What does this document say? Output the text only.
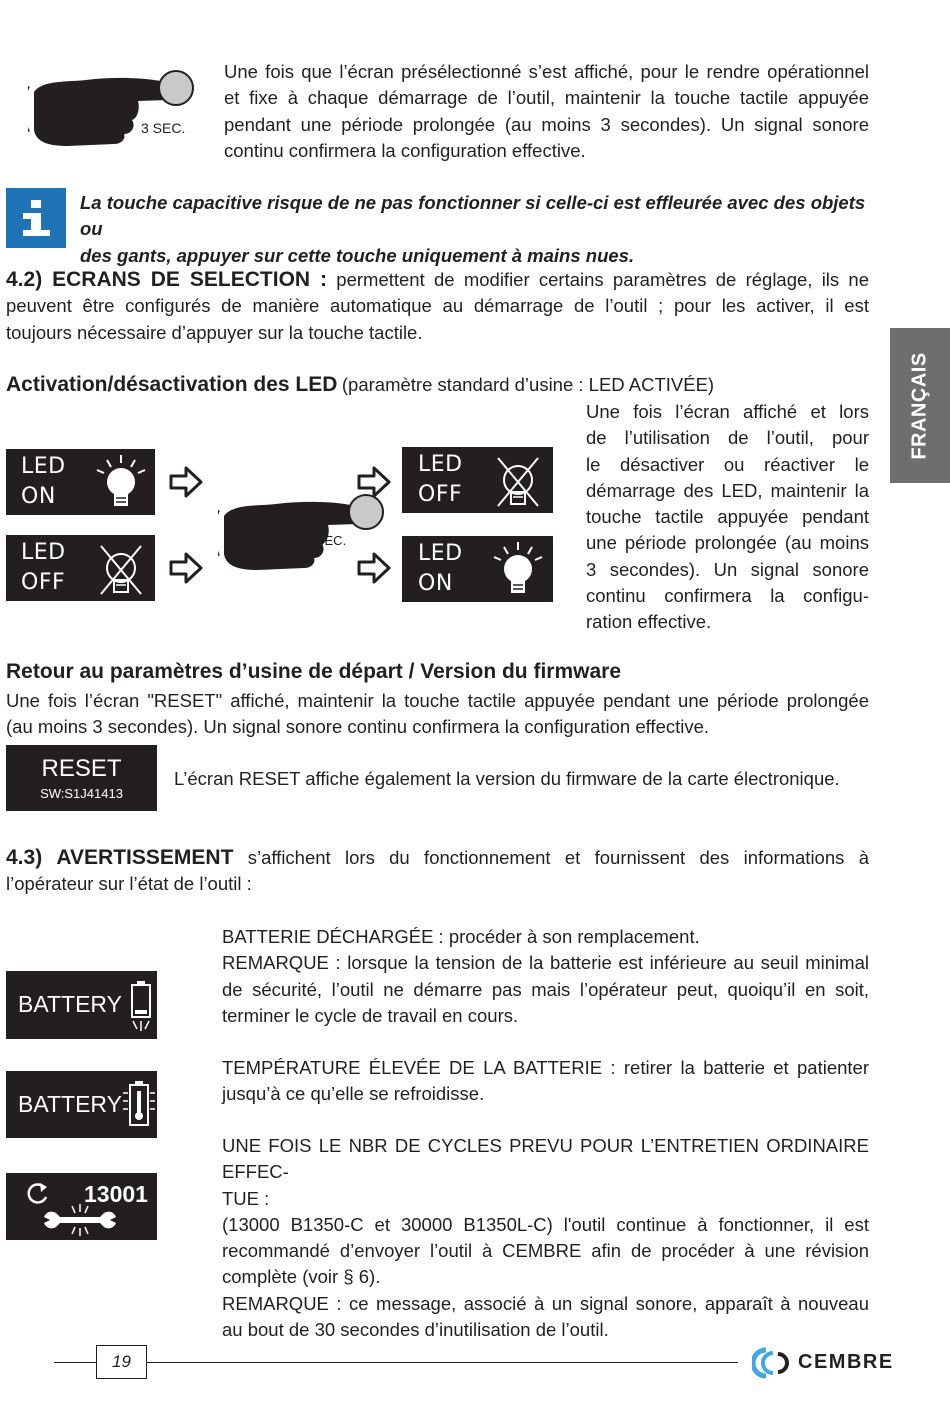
3 SEC.

Une fois que l’écran présélectionné s’est affiché, pour le rendre opérationnel

et fixe à chaque démarrage de l’outil, maintenir la touche tactile appuyée

pendant une période prolongée (au moins 3 secondes). Un signal sonore

continu confirmera la configuration effective.

La touche capacitive risque de ne pas fonctionner si celle-ci est effleurée avec des objets ou

des gants, appuyer sur cette touche uniquement à mains nues.

FRANÇAIS

4.2) ECRANS DE SELECTION : permettent de modifier certains paramètres de réglage, ils ne

peuvent être configurés de manière automatique au démarrage de l’outil ; pour les activer, il est

toujours nécessaire d’appuyer sur la touche tactile.

Activation/désactivation des LED (paramètre standard d’usine : LED ACTIVÉE)
LED
ON
LED
OFF
3 SEC.
LED
OFF
LED
ON

Une fois l’écran affiché et lors

de l’utilisation de l’outil, pour

le désactiver ou réactiver le

démarrage des LED, maintenir la

touche tactile appuyée pendant

une période prolongée (au moins

3 secondes). Un signal sonore

continu confirmera la configu-

ration effective.

Retour au paramètres d’usine de départ / Version du firmware

Une fois l’écran "RESET" affiché, maintenir la touche tactile appuyée pendant une période prolongée

(au moins 3 secondes). Un signal sonore continu confirmera la configuration effective.

RESET
SW:S1J41413
L’écran RESET affiche également la version du firmware de la carte électronique.

4.3) AVERTISSEMENT s’affichent lors du fonctionnement et fournissent des informations à

l’opérateur sur l’état de l’outil :

BATTERY
BATTERY
13001

BATTERIE DÉCHARGÉE : procéder à son remplacement.

REMARQUE : lorsque la tension de la batterie est inférieure au seuil minimal

de sécurité, l’outil ne démarre pas mais l’opérateur peut, quoiqu’il en soit,

terminer le cycle de travail en cours.

TEMPÉRATURE ÉLEVÉE DE LA BATTERIE : retirer la batterie et patienter

jusqu’à ce qu’elle se refroidisse.

UNE FOIS LE NBR DE CYCLES PREVU POUR L’ENTRETIEN ORDINAIRE EFFEC-

TUE :

(13000 B1350-C et 30000 B1350L-C) l'outil continue à fonctionner, il est

recommandé d’envoyer l’outil à CEMBRE afin de procéder à une révision

complète (voir § 6).

REMARQUE : ce message, associé à un signal sonore, apparaît à nouveau

au bout de 30 secondes d’inutilisation de l’outil.

19	CEMBRE
